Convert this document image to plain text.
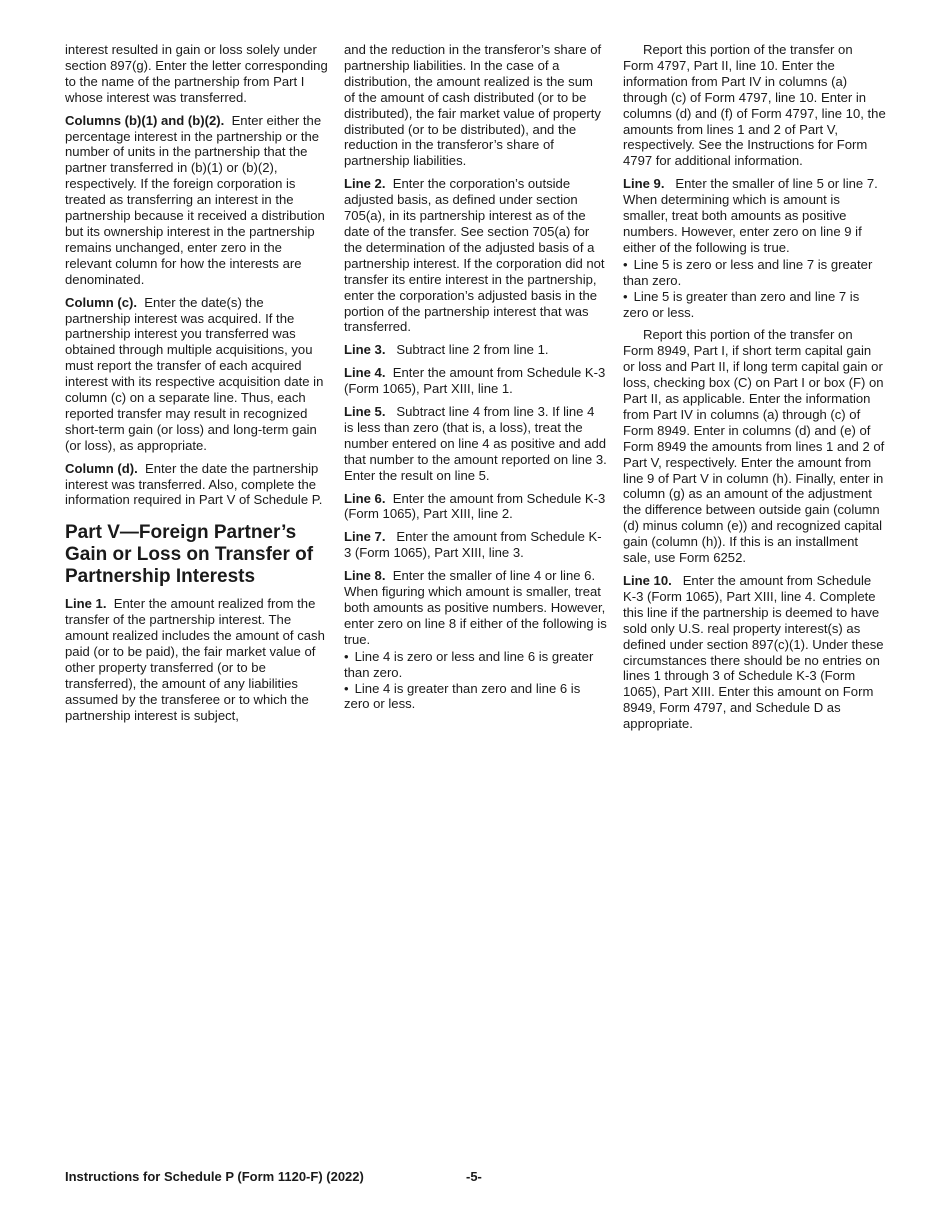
interest resulted in gain or loss solely under section 897(g). Enter the letter corresponding to the name of the partnership from Part I whose interest was transferred.

Columns (b)(1) and (b)(2). Enter either the percentage interest in the partnership or the number of units in the partnership that the partner transferred in (b)(1) or (b)(2), respectively. If the foreign corporation is treated as transferring an interest in the partnership because it received a distribution but its ownership interest in the partnership remains unchanged, enter zero in the relevant column for how the interests are denominated.

Column (c). Enter the date(s) the partnership interest was acquired. If the partnership interest you transferred was obtained through multiple acquisitions, you must report the transfer of each acquired interest with its respective acquisition date in column (c) on a separate line. Thus, each reported transfer may result in recognized short-term gain (or loss) and long-term gain (or loss), as appropriate.

Column (d). Enter the date the partnership interest was transferred. Also, complete the information required in Part V of Schedule P.

Part V—Foreign Partner’s Gain or Loss on Transfer of Partnership Interests

Line 1. Enter the amount realized from the transfer of the partnership interest. The amount realized includes the amount of cash paid (or to be paid), the fair market value of other property transferred (or to be transferred), the amount of any liabilities assumed by the transferee or to which the partnership interest is subject,

and the reduction in the transferor’s share of partnership liabilities. In the case of a distribution, the amount realized is the sum of the amount of cash distributed (or to be distributed), the fair market value of property distributed (or to be distributed), and the reduction in the transferor’s share of partnership liabilities.

Line 2. Enter the corporation’s outside adjusted basis, as defined under section 705(a), in its partnership interest as of the date of the transfer. See section 705(a) for the determination of the adjusted basis of a partnership interest. If the corporation did not transfer its entire interest in the partnership, enter the corporation’s adjusted basis in the portion of the partnership interest that was transferred.

Line 3. Subtract line 2 from line 1.

Line 4. Enter the amount from Schedule K-3 (Form 1065), Part XIII, line 1.

Line 5. Subtract line 4 from line 3. If line 4 is less than zero (that is, a loss), treat the number entered on line 4 as positive and add that number to the amount reported on line 3. Enter the result on line 5.

Line 6. Enter the amount from Schedule K-3 (Form 1065), Part XIII, line 2.

Line 7. Enter the amount from Schedule K-3 (Form 1065), Part XIII, line 3.

Line 8. Enter the smaller of line 4 or line 6. When figuring which amount is smaller, treat both amounts as positive numbers. However, enter zero on line 8 if either of the following is true.

• Line 4 is zero or less and line 6 is greater than zero.
• Line 4 is greater than zero and line 6 is zero or less.

Report this portion of the transfer on Form 4797, Part II, line 10. Enter the information from Part IV in columns (a) through (c) of Form 4797, line 10. Enter in columns (d) and (f) of Form 4797, line 10, the amounts from lines 1 and 2 of Part V, respectively. See the Instructions for Form 4797 for additional information.

Line 9. Enter the smaller of line 5 or line 7. When determining which is amount is smaller, treat both amounts as positive numbers. However, enter zero on line 9 if either of the following is true.

• Line 5 is zero or less and line 7 is greater than zero.
• Line 5 is greater than zero and line 7 is zero or less.

Report this portion of the transfer on Form 8949, Part I, if short term capital gain or loss and Part II, if long term capital gain or loss, checking box (C) on Part I or box (F) on Part II, as applicable. Enter the information from Part IV in columns (a) through (c) of Form 8949. Enter in columns (d) and (e) of Form 8949 the amounts from lines 1 and 2 of Part V, respectively. Enter the amount from line 9 of Part V in column (h). Finally, enter in column (g) as an amount of the adjustment the difference between outside gain (column (d) minus column (e)) and recognized capital gain (column (h)). If this is an installment sale, use Form 6252.

Line 10. Enter the amount from Schedule K-3 (Form 1065), Part XIII, line 4. Complete this line if the partnership is deemed to have sold only U.S. real property interest(s) as defined under section 897(c)(1). Under these circumstances there should be no entries on lines 1 through 3 of Schedule K-3 (Form 1065), Part XIII. Enter this amount on Form 8949, Form 4797, and Schedule D as appropriate.

Instructions for Schedule P (Form 1120-F) (2022)	-5-
